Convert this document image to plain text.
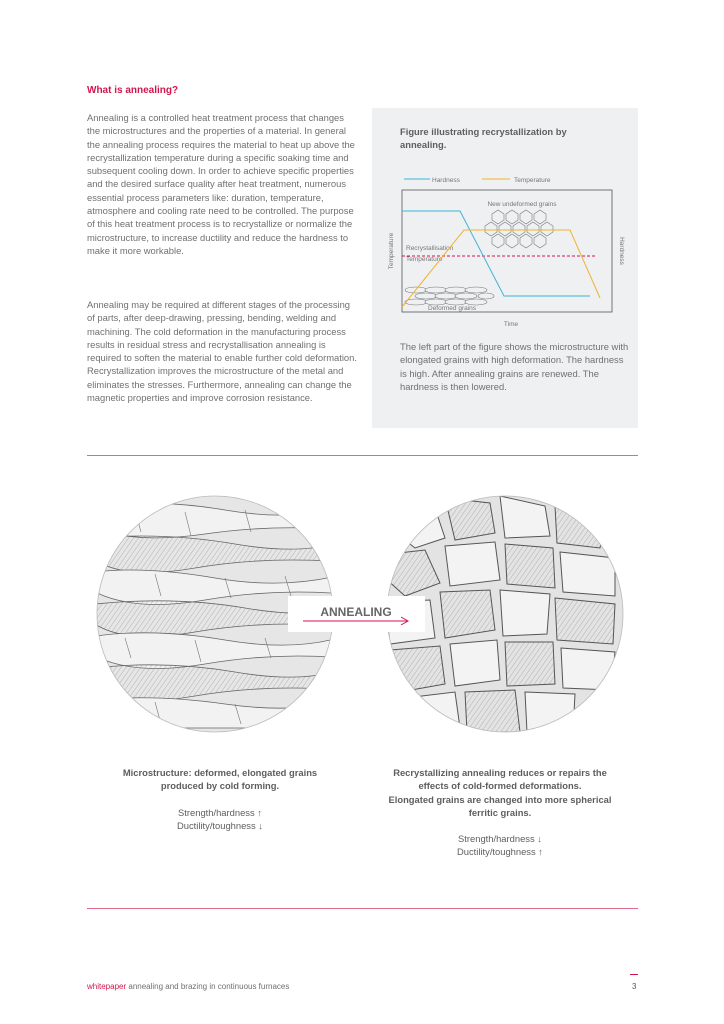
What is annealing?
Annealing is a controlled heat treatment process that changes the microstructures and the properties of a material. In general the annealing process requires the material to heat up above the recrystallization temperature during a specific soaking time and subsequent cooling down. In order to achieve specific properties and the desired surface quality after heat treatment, numerous essential process parameters like: duration, temperature, atmosphere and cooling rate need to be controlled. The purpose of this heat treatment process is to recrystallize or normalize the microstructure, to increase ductility and reduce the hardness to make it more workable.
Annealing may be required at different stages of the processing of parts, after deep-drawing, pressing, bending, welding and machining. The cold deformation in the manufacturing process results in residual stress and recrystallisation annealing is required to soften the material to enable further cold deformation. Recrystallization improves the microstructure of the metal and eliminates the stresses. Furthermore, annealing can change the magnetic properties and improve corrosion resistance.
Figure illustrating recrystallization by annealing.
Hardness	Temperature
Time
Temperature	Hardness
New undeformed grains
Deformed grains
Recrystallisation
Temperature
The left part of the figure shows the microstructure with elongated grains with high deformation. The hardness is high. After annealing grains are renewed. The hardness is then lowered.
ANNEALING
Microstructure: deformed, elongated grains produced by cold forming.
Strength/hardness ↑
Ductility/toughness ↓
Recrystallizing annealing reduces or repairs the effects of cold-formed deformations.
Elongated grains are changed into more spherical ferritic grains.
Strength/hardness ↓
Ductility/toughness ↑
whitepaper annealing and brazing in continuous furnaces	3
